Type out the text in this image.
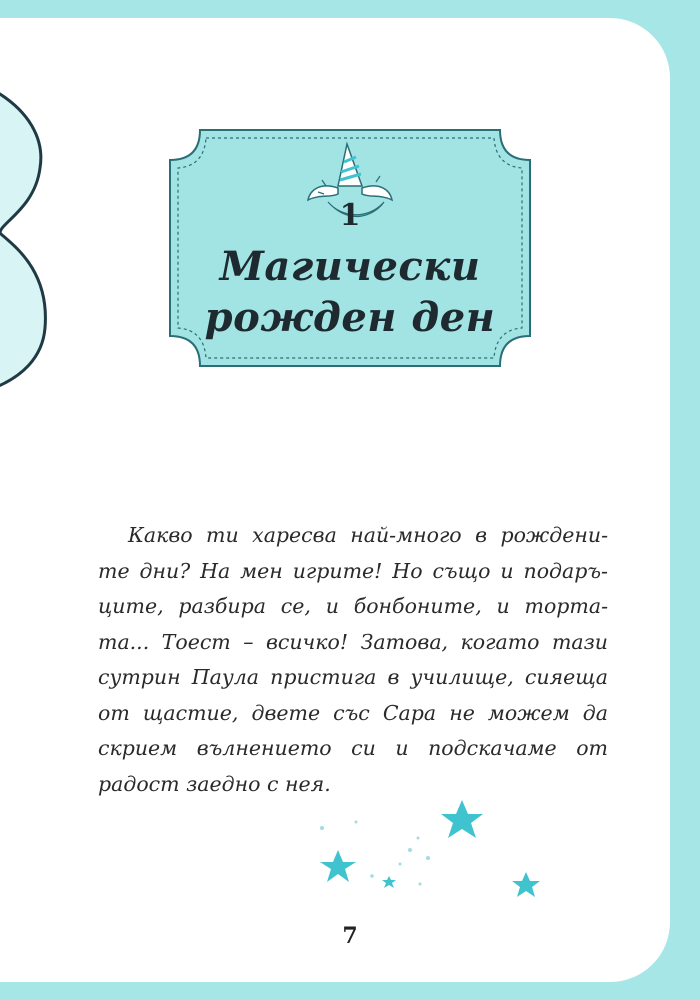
1
Магически
рожден ден
Какво ти харесва най-много в рождени-
те дни? На мен игрите! Но също и подаръ-
ците, разбира се, и бонбоните, и торта-
та... Тоест – всичко! Затова, когато тази
сутрин Паула пристига в училище, сияеща
от щастие, двете със Сара не можем да
скрием вълнението си и подскачаме от
радост заедно с нея.
7
